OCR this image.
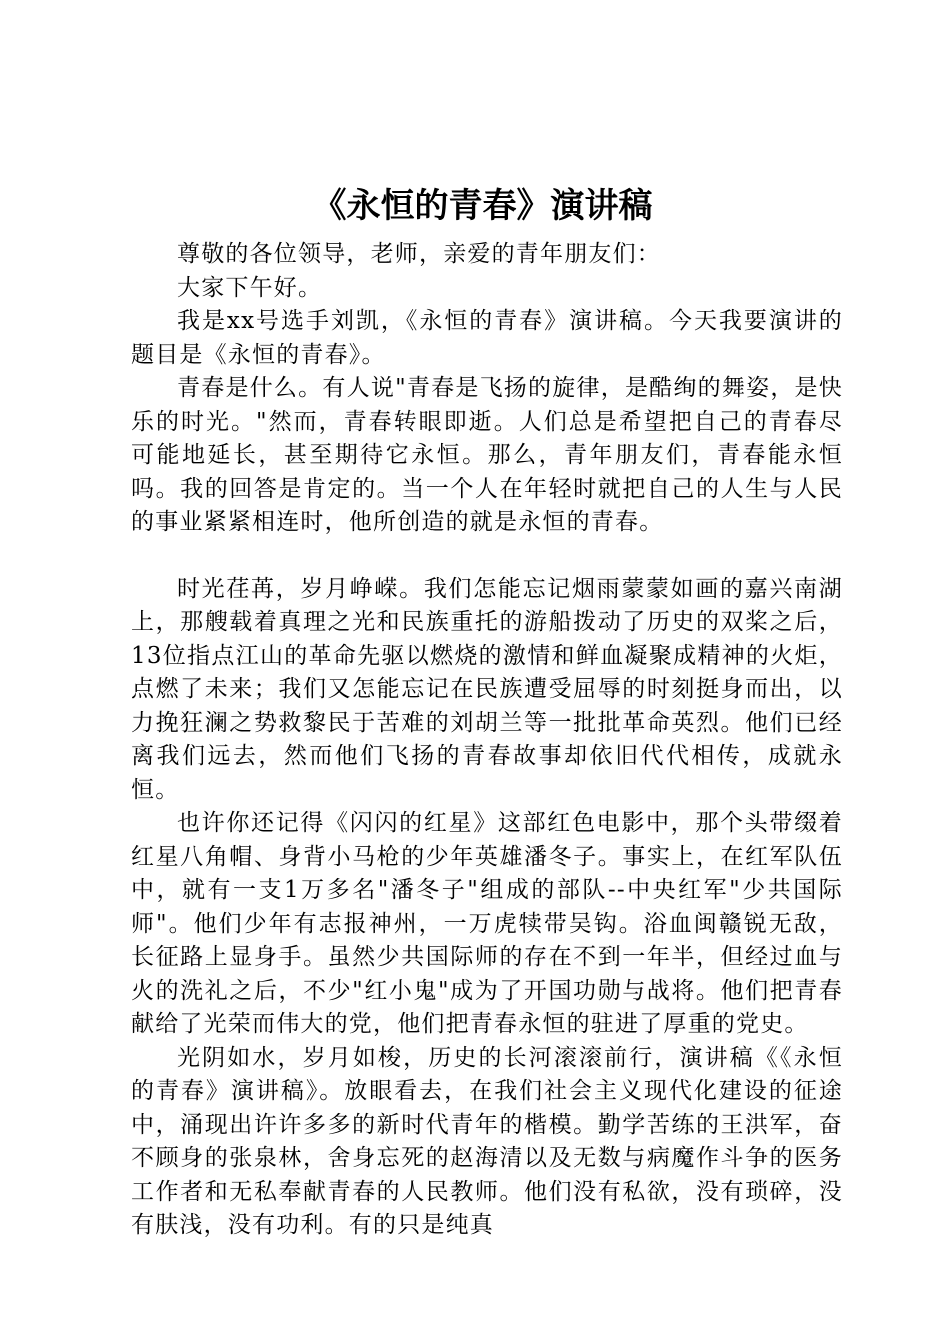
《永恒的青春》演讲稿

尊敬的各位领导，老师，亲爱的青年朋友们：

大家下午好。

我是xx号选手刘凯，《永恒的青春》演讲稿。今天我要演讲的题目是《永恒的青春》。

青春是什么。有人说"青春是飞扬的旋律，是酷绚的舞姿，是快乐的时光。"然而，青春转眼即逝。人们总是希望把自己的青春尽可能地延长，甚至期待它永恒。那么，青年朋友们，青春能永恒吗。我的回答是肯定的。当一个人在年轻时就把自己的人生与人民的事业紧紧相连时，他所创造的就是永恒的青春。

时光荏苒，岁月峥嵘。我们怎能忘记烟雨蒙蒙如画的嘉兴南湖上，那艘载着真理之光和民族重托的游船拨动了历史的双桨之后，13位指点江山的革命先驱以燃烧的激情和鲜血凝聚成精神的火炬，点燃了未来；我们又怎能忘记在民族遭受屈辱的时刻挺身而出，以力挽狂澜之势救黎民于苦难的刘胡兰等一批批革命英烈。他们已经离我们远去，然而他们飞扬的青春故事却依旧代代相传，成就永恒。

也许你还记得《闪闪的红星》这部红色电影中，那个头带缀着红星八角帽、身背小马枪的少年英雄潘冬子。事实上，在红军队伍中，就有一支1万多名"潘冬子"组成的部队--中央红军"少共国际师"。他们少年有志报神州，一万虎犊带吴钩。浴血闽赣锐无敌，长征路上显身手。虽然少共国际师的存在不到一年半，但经过血与火的洗礼之后，不少"红小鬼"成为了开国功勋与战将。他们把青春献给了光荣而伟大的党，他们把青春永恒的驻进了厚重的党史。

光阴如水，岁月如梭，历史的长河滚滚前行，演讲稿《《永恒的青春》演讲稿》。放眼看去，在我们社会主义现代化建设的征途中，涌现出许许多多的新时代青年的楷模。勤学苦练的王洪军，奋不顾身的张泉林，舍身忘死的赵海清以及无数与病魔作斗争的医务工作者和无私奉献青春的人民教师。他们没有私欲，没有琐碎，没有肤浅，没有功利。有的只是纯真
